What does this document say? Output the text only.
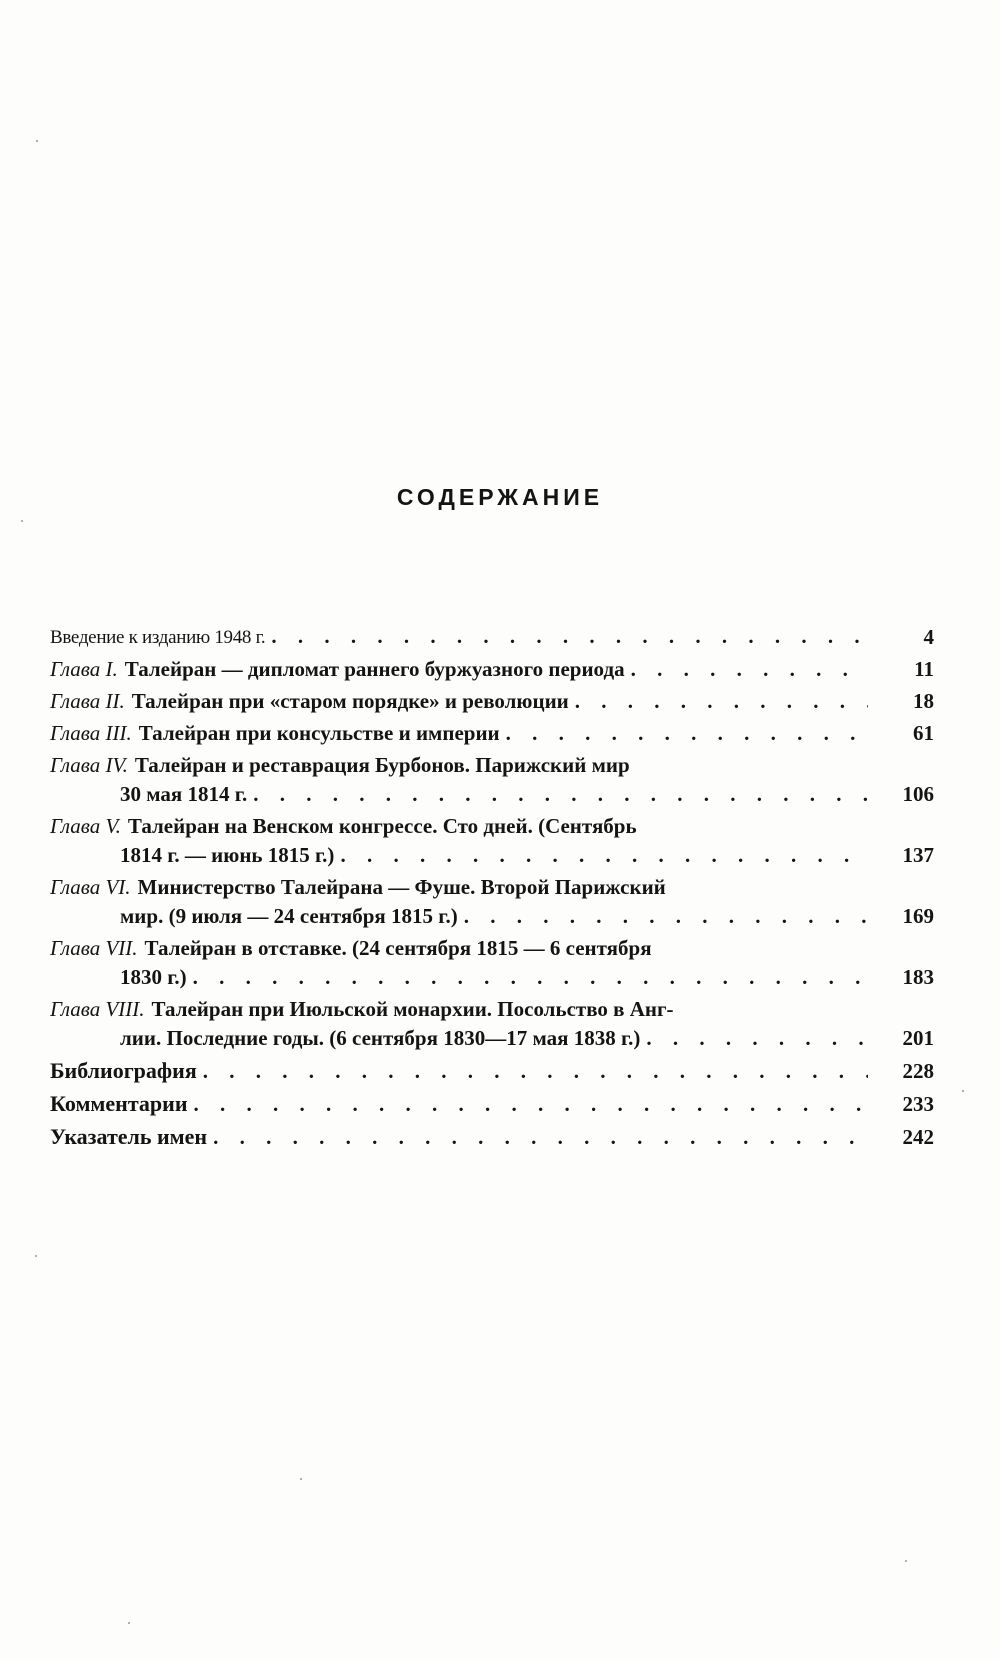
СОДЕРЖАНИЕ
Введение к изданию 1948 г. . . .	4
Глава I. Талейран — дипломат раннего буржуазного периода . . .	11
Глава II. Талейран при «старом порядке» и революции . . .	18
Глава III. Талейран при консульстве и империи . . .	61
Глава IV. Талейран и реставрация Бурбонов. Парижский мир
30 мая 1814 г. . . .	106
Глава V. Талейран на Венском конгрессе. Сто дней. (Сентябрь
1814 г. — июнь 1815 г.) . . .	137
Глава VI. Министерство Талейрана — Фуше. Второй Парижский
мир. (9 июля — 24 сентября 1815 г.) . . .	169
Глава VII. Талейран в отставке. (24 сентября 1815 — 6 сентября
1830 г.) . . .	183
Глава VIII. Талейран при Июльской монархии. Посольство в Анг-
лии. Последние годы. (6 сентября 1830—17 мая 1838 г.) . . .	201
Библиография . . .	228
Комментарии . . .	233
Указатель имен . . .	242
